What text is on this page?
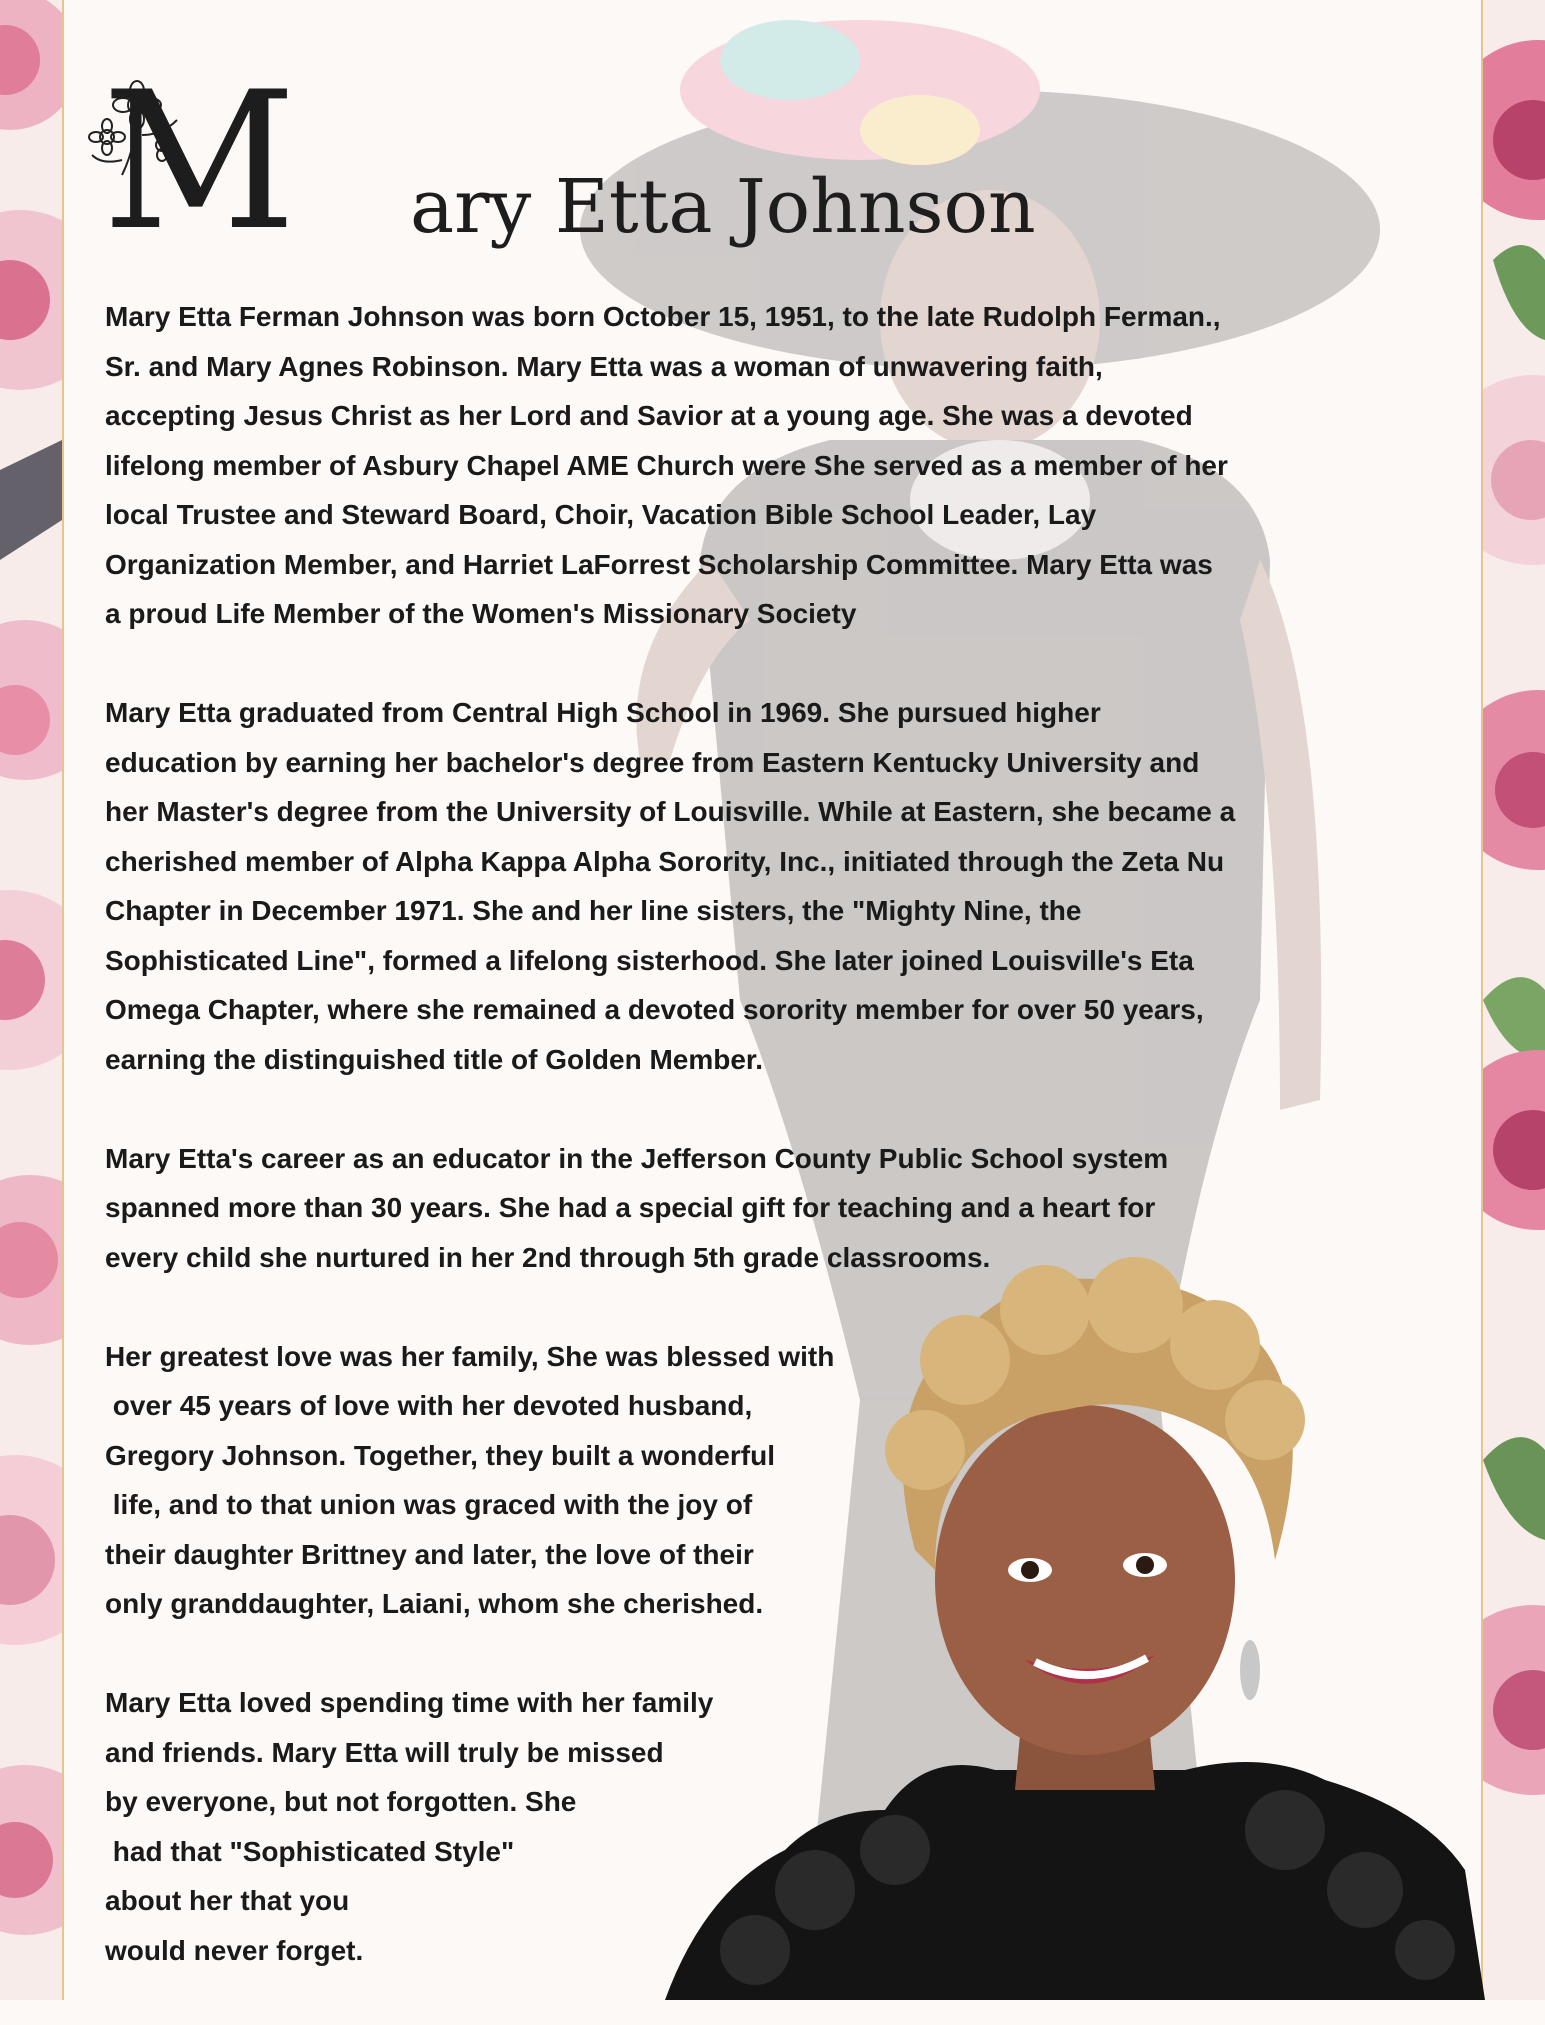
M ary Etta Johnson
Mary Etta Ferman Johnson was born October 15, 1951, to the late Rudolph Ferman.,
Sr. and Mary Agnes Robinson. Mary Etta was a woman of unwavering faith,
accepting Jesus Christ as her Lord and Savior at a young age. She was a devoted
lifelong member of Asbury Chapel AME Church were She served as a member of her
local Trustee and Steward Board, Choir, Vacation Bible School Leader, Lay
Organization Member, and Harriet LaForrest Scholarship Committee. Mary Etta was
a proud Life Member of the Women's Missionary Society
Mary Etta graduated from Central High School in 1969. She pursued higher
education by earning her bachelor's degree from Eastern Kentucky University and
her Master's degree from the University of Louisville. While at Eastern, she became a
cherished member of Alpha Kappa Alpha Sorority, Inc., initiated through the Zeta Nu
Chapter in December 1971. She and her line sisters, the "Mighty Nine, the
Sophisticated Line", formed a lifelong sisterhood. She later joined Louisville's Eta
Omega Chapter, where she remained a devoted sorority member for over 50 years,
earning the distinguished title of Golden Member.
Mary Etta's career as an educator in the Jefferson County Public School system
spanned more than 30 years. She had a special gift for teaching and a heart for
every child she nurtured in her 2nd through 5th grade classrooms.
Her greatest love was her family, She was blessed with
over 45 years of love with her devoted husband,
Gregory Johnson. Together, they built a wonderful
life, and to that union was graced with the joy of
their daughter Brittney and later, the love of their
only granddaughter, Laiani, whom she cherished.
Mary Etta loved spending time with her family
and friends. Mary Etta will truly be missed
by everyone, but not forgotten. She
had that "Sophisticated Style"
about her that you
would never forget.
